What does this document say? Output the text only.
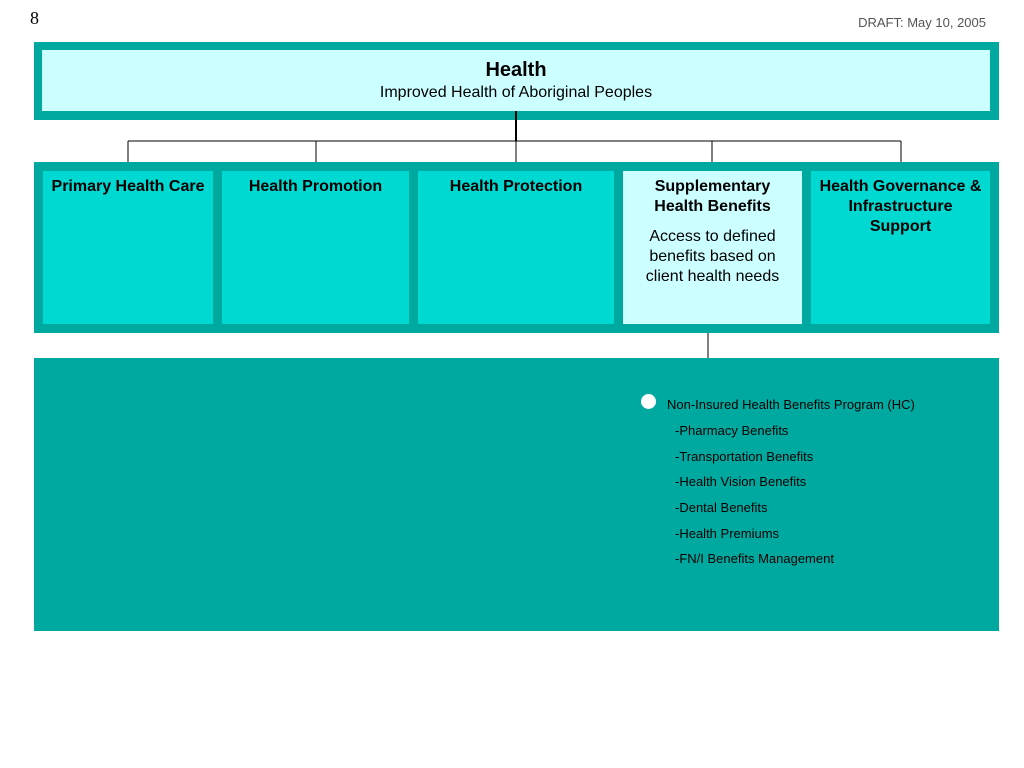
8	DRAFT: May 10, 2005
Health
Improved Health of Aboriginal Peoples
Primary Health Care	Health Promotion	Health Protection	Supplementary Health Benefits
Access to defined benefits based on client health needs
Health Governance & Infrastructure Support
Non-Insured Health Benefits Program (HC)
-Pharmacy Benefits
-Transportation Benefits
-Health Vision Benefits
-Dental Benefits
-Health Premiums
-FN/I Benefits Management
